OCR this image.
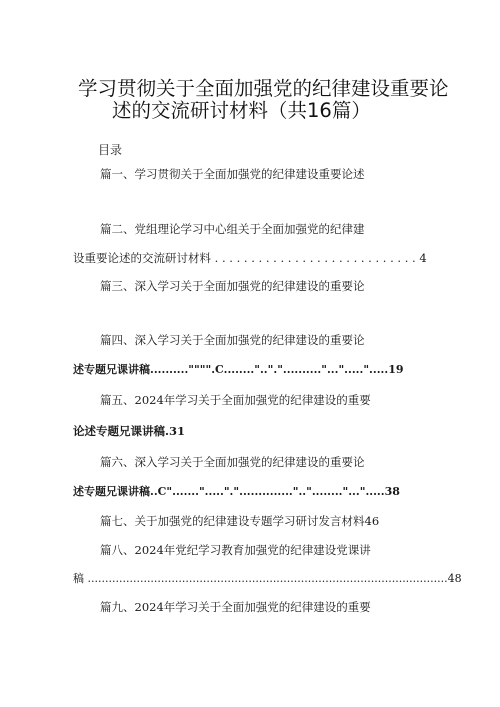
学习贯彻关于全面加强党的纪律建设重要论
述的交流研讨材料（共16篇）
目录
篇一、学习贯彻关于全面加强党的纪律建设重要论述
篇二、党组理论学习中心组关于全面加强党的纪律建
设重要论述的交流研讨材料 . . . . . . . . . . . . . . . . . . . . . . . . . . . . 4
篇三、深入学习关于全面加强党的纪律建设的重要论
篇四、深入学习关于全面加强党的纪律建设的重要论
述专题兄课讲稿.........."""".C........"..".".........."...".....".....19
篇五、2024年学习关于全面加强党的纪律建设的重要
论述专题兄课讲稿.31
篇六、深入学习关于全面加强党的纪律建设的重要论
述专题兄课讲稿..C"......."....."."..............".."........"...".....38
篇七、关于加强党的纪律建设专题学习研讨发言材料46
篇八、2024年党纪学习教育加强党的纪律建设党课讲
稿 .......................................................................................................48
篇九、2024年学习关于全面加强党的纪律建设的重要
